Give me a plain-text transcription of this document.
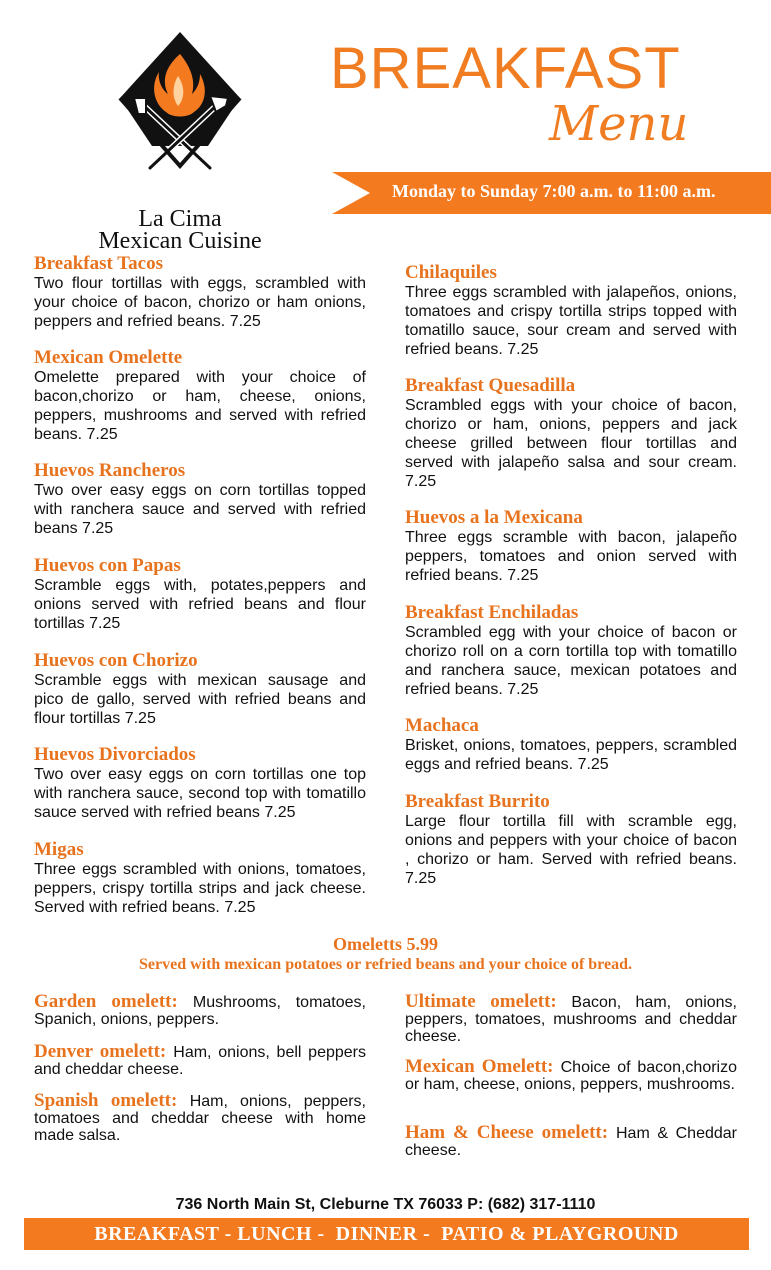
La Cima
Mexican Cuisine
BREAKFAST
Menu
Monday to Sunday 7:00 a.m. to 11:00 a.m.
Breakfast Tacos
Two flour tortillas with eggs, scrambled with your choice of bacon, chorizo or ham onions, peppers and refried beans. 7.25
Mexican Omelette
Omelette prepared with your choice of bacon,chorizo or ham, cheese, onions, peppers, mushrooms and served with refried beans. 7.25
Huevos Rancheros
Two over easy eggs on corn tortillas topped with ranchera sauce and served with refried beans 7.25
Huevos con Papas
Scramble eggs with, potates,peppers and onions served with refried beans and flour tortillas 7.25
Huevos con Chorizo
Scramble eggs with mexican sausage and pico de gallo, served with refried beans and flour tortillas 7.25
Huevos Divorciados
Two over easy eggs on corn tortillas one top with ranchera sauce, second top with tomatillo sauce served with refried beans 7.25
Migas
Three eggs scrambled with onions, tomatoes, peppers, crispy tortilla strips and jack cheese. Served with refried beans. 7.25
Chilaquiles
Three eggs scrambled with jalapeños, onions, tomatoes and crispy tortilla strips topped with tomatillo sauce, sour cream and served with refried beans. 7.25
Breakfast Quesadilla
Scrambled eggs with your choice of bacon, chorizo or ham, onions, peppers and jack cheese grilled between flour tortillas and served with jalapeño salsa and sour cream. 7.25
Huevos a la Mexicana
Three eggs scramble with bacon, jalapeño peppers, tomatoes and onion served with refried beans. 7.25
Breakfast Enchiladas
Scrambled egg with your choice of bacon or chorizo roll on a corn tortilla top with tomatillo and ranchera sauce, mexican potatoes and refried beans. 7.25
Machaca
Brisket, onions, tomatoes, peppers, scrambled eggs and refried beans. 7.25
Breakfast Burrito
Large flour tortilla fill with scramble egg, onions and peppers with your choice of bacon , chorizo or ham. Served with refried beans. 7.25
Omeletts 5.99
Served with mexican potatoes or refried beans and your choice of bread.
Garden omelett: Mushrooms, tomatoes, Spanich, onions, peppers.
Denver omelett: Ham, onions, bell peppers and cheddar cheese.
Spanish omelett: Ham, onions, peppers, tomatoes and cheddar cheese with home made salsa.
Ultimate omelett: Bacon, ham, onions, peppers, tomatoes, mushrooms and cheddar cheese.
Mexican Omelett: Choice of bacon,chorizo or ham, cheese, onions, peppers, mushrooms.
Ham & Cheese omelett: Ham & Cheddar cheese.
736 North Main St, Cleburne TX 76033 P: (682) 317-1110
BREAKFAST - LUNCH -  DINNER -  PATIO & PLAYGROUND
